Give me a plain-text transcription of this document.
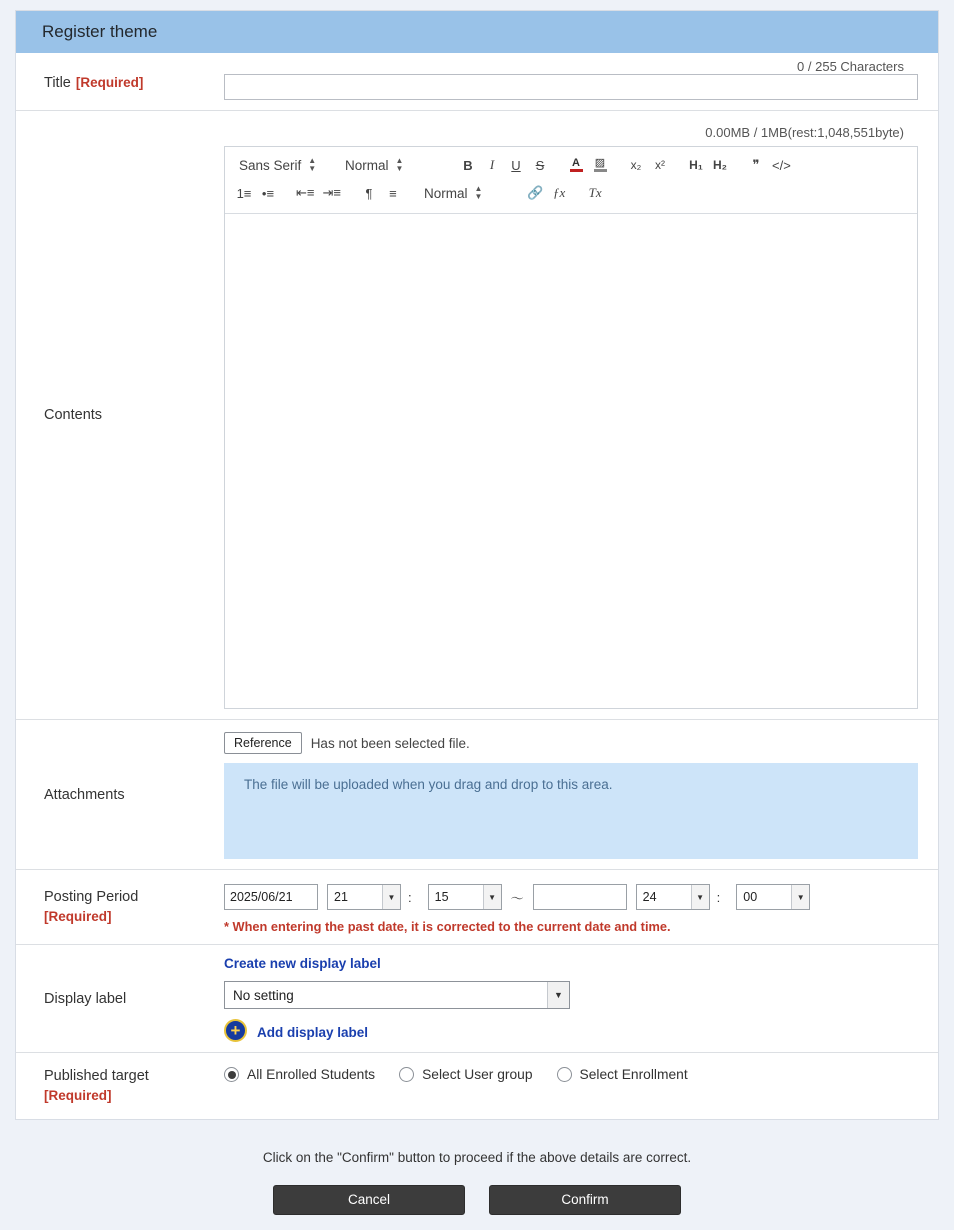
Register theme
Title [Required]
0 / 255 Characters
Contents
0.00MB / 1MB(rest:1,048,551byte)
Sans Serif ▲
▼ Normal ▲
▼	B	I	U	S	A ▨	x₂	x²	H₁ H₂	❞ </>
1≡ •≡	⇤≡ ⇥≡	¶	≡	Normal ▲
▼	🔗 ƒx	Tx
Attachments
Reference	Has not been selected file.
The file will be uploaded when you drag and drop to this area.
Posting Period
[Required]
2025/06/21
21	▼ :	15	▼	～	24	▼ :	00	▼
* When entering the past date, it is corrected to the current date and time.
Display label
Create new display label
No setting	▼
+	Add display label
Published target
[Required]
All Enrolled Students	Select User group	Select Enrollment
Click on the "Confirm" button to proceed if the above details are correct.
Cancel	Confirm
